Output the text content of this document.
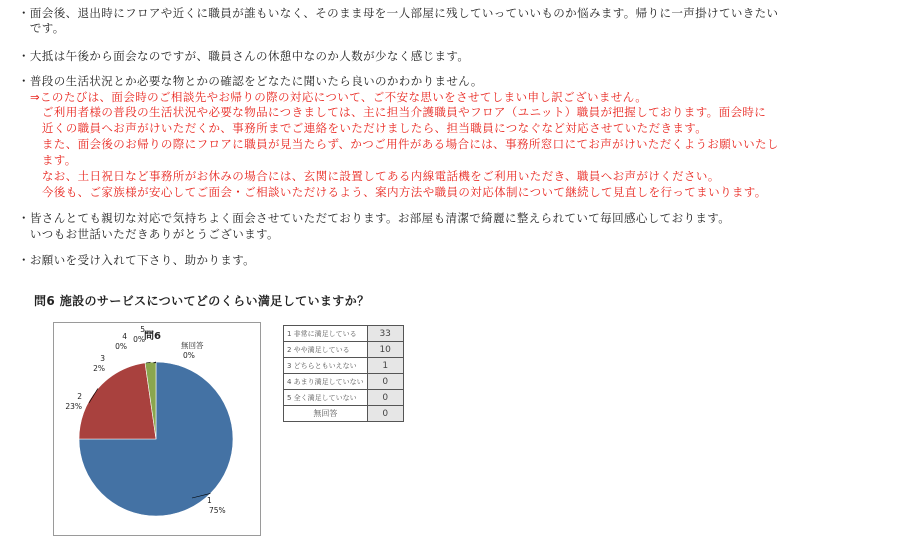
・面会後、退出時にフロアや近くに職員が誰もいなく、そのまま母を一人部屋に残していっていいものか悩みます。帰りに一声掛けていきたい
　です。
・大抵は午後から面会なのですが、職員さんの休憩中なのか人数が少なく感じます。
・普段の生活状況とか必要な物とかの確認をどなたに聞いたら良いのかわかりません。
⇒このたびは、面会時のご相談先やお帰りの際の対応について、ご不安な思いをさせてしまい申し訳ございません。
　ご利用者様の普段の生活状況や必要な物品につきましては、主に担当介護職員やフロア（ユニット）職員が把握しております。面会時に
　近くの職員へお声がけいただくか、事務所までご連絡をいただけましたら、担当職員につなぐなど対応させていただきます。
　また、面会後のお帰りの際にフロアに職員が見当たらず、かつご用件がある場合には、事務所窓口にてお声がけいただくようお願いいたし
　ます。
　なお、土日祝日など事務所がお休みの場合には、玄関に設置してある内線電話機をご利用いただき、職員へお声がけください。
　今後も、ご家族様が安心してご面会・ご相談いただけるよう、案内方法や職員の対応体制について継続して見直しを行ってまいります。
・皆さんとても親切な対応で気持ちよく面会させていただております。お部屋も清潔で綺麗に整えられていて毎回感心しております。
　いつもお世話いただきありがとうございます。
・お願いを受け入れて下さり、助かります。
問6 施設のサービスについてどのくらい満足していますか？
問6
1
75%
2
23%
3
2%
4
0%
5
0%
無回答
0%
1 非常に満足している	33
2 やや満足している	10
3 どちらともいえない	1
4 あまり満足していない	0
5 全く満足していない	0
無回答	0
